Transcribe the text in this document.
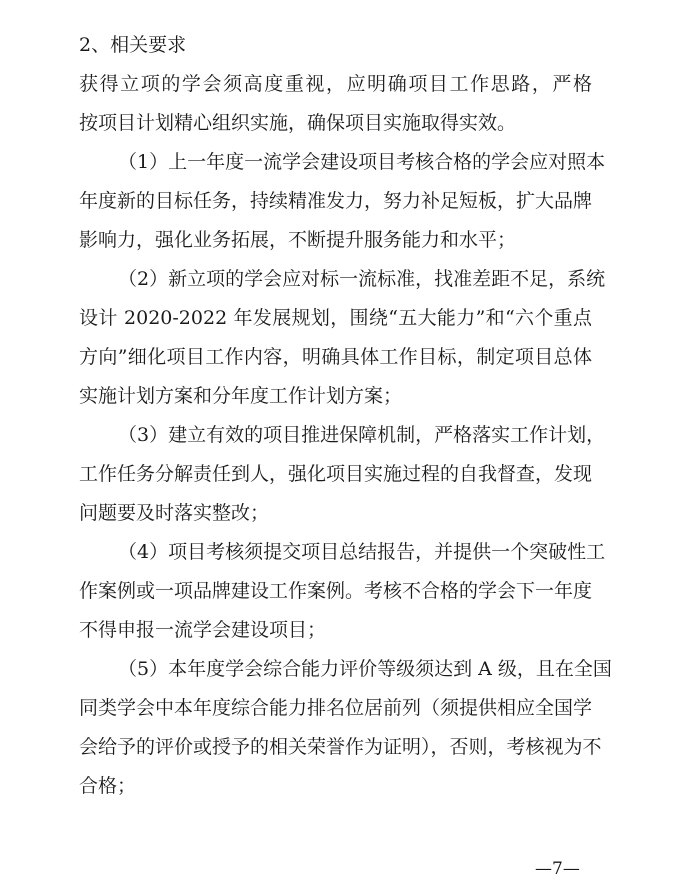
2、相关要求
获得立项的学会须高度重视，应明确项目工作思路，严格
按项目计划精心组织实施，确保项目实施取得实效。
（1）上一年度一流学会建设项目考核合格的学会应对照本
年度新的目标任务，持续精准发力，努力补足短板，扩大品牌
影响力，强化业务拓展，不断提升服务能力和水平；
（2）新立项的学会应对标一流标准，找准差距不足，系统
设计 2020-2022 年发展规划，围绕“五大能力”和“六个重点
方向”细化项目工作内容，明确具体工作目标，制定项目总体
实施计划方案和分年度工作计划方案；
（3）建立有效的项目推进保障机制，严格落实工作计划，
工作任务分解责任到人，强化项目实施过程的自我督查，发现
问题要及时落实整改；
（4）项目考核须提交项目总结报告，并提供一个突破性工
作案例或一项品牌建设工作案例。考核不合格的学会下一年度
不得申报一流学会建设项目；
（5）本年度学会综合能力评价等级须达到 A 级，且在全国
同类学会中本年度综合能力排名位居前列（须提供相应全国学
会给予的评价或授予的相关荣誉作为证明），否则，考核视为不
合格；
—7—
